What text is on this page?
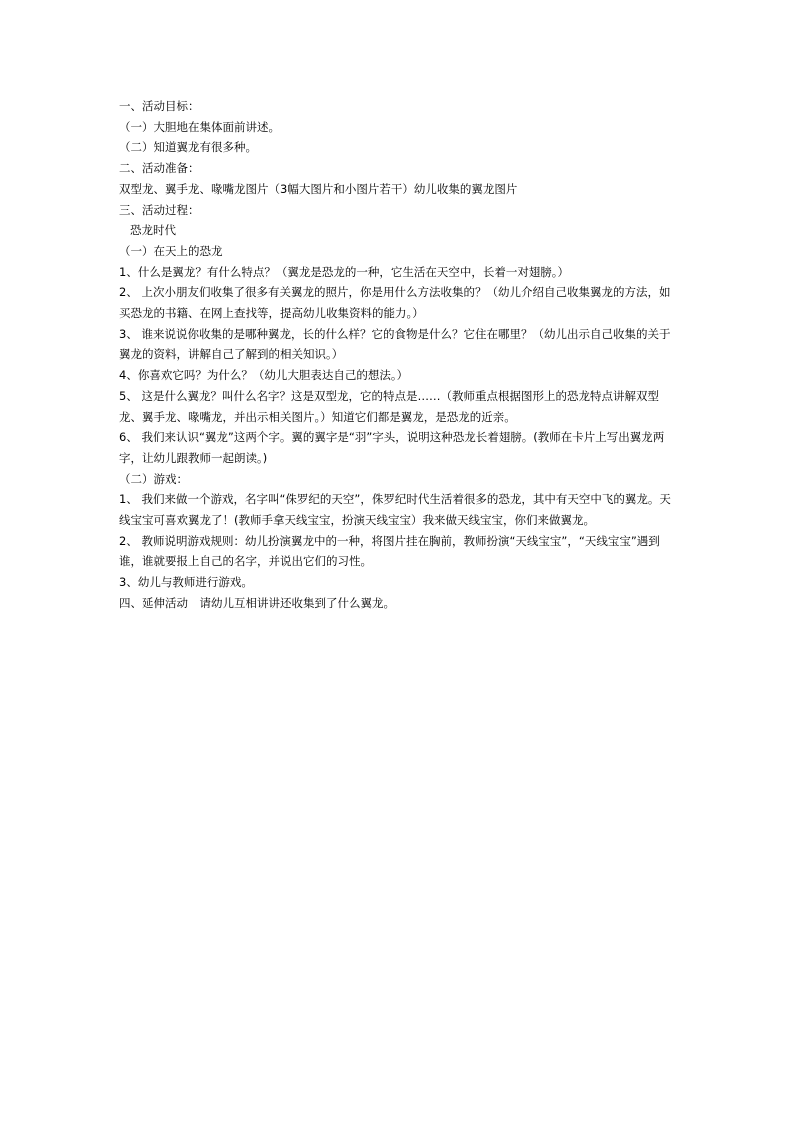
一、活动目标：
（一）大胆地在集体面前讲述。
（二）知道翼龙有很多种。
二、活动准备：
双型龙、翼手龙、喙嘴龙图片（3幅大图片和小图片若干）幼儿收集的翼龙图片
三、活动过程：
恐龙时代
（一）在天上的恐龙
1、什么是翼龙？有什么特点？（翼龙是恐龙的一种，它生活在天空中，长着一对翅膀。）
2、 上次小朋友们收集了很多有关翼龙的照片，你是用什么方法收集的？（幼儿介绍自己收集翼龙的方法，如买恐龙的书籍、在网上查找等，提高幼儿收集资料的能力。）
3、 谁来说说你收集的是哪种翼龙，长的什么样？它的食物是什么？它住在哪里？（幼儿出示自己收集的关于翼龙的资料，讲解自己了解到的相关知识。）
4、你喜欢它吗？为什么？（幼儿大胆表达自己的想法。）
5、 这是什么翼龙？叫什么名字？这是双型龙，它的特点是……（教师重点根据图形上的恐龙特点讲解双型龙、翼手龙、喙嘴龙，并出示相关图片。）知道它们都是翼龙，是恐龙的近亲。
6、 我们来认识“翼龙”这两个字。翼的翼字是“羽”字头，说明这种恐龙长着翅膀。(教师在卡片上写出翼龙两字，让幼儿跟教师一起朗读。)
（二）游戏：
1、 我们来做一个游戏，名字叫“侏罗纪的天空”，侏罗纪时代生活着很多的恐龙，其中有天空中飞的翼龙。天线宝宝可喜欢翼龙了！(教师手拿天线宝宝，扮演天线宝宝）我来做天线宝宝，你们来做翼龙。
2、 教师说明游戏规则：幼儿扮演翼龙中的一种，将图片挂在胸前，教师扮演“天线宝宝”，“天线宝宝”遇到谁，谁就要报上自己的名字，并说出它们的习性。
3、幼儿与教师进行游戏。
四、延伸活动　请幼儿互相讲讲还收集到了什么翼龙。
